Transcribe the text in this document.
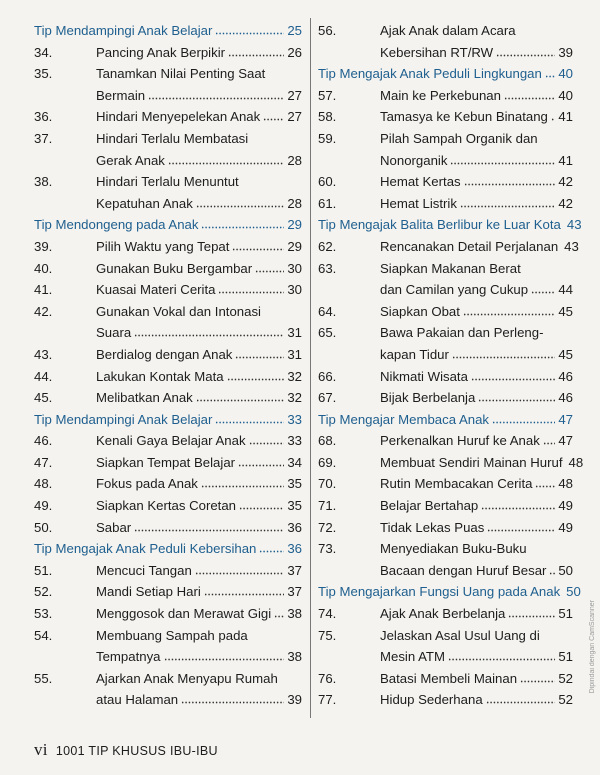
Tip Mendampingi Anak Belajar	25
34.	Pancing Anak Berpikir	26
35.	Tanamkan Nilai Penting Saat
Bermain	27
36.	Hindari Menyepelekan Anak 27
37.	Hindari Terlalu Membatasi
Gerak Anak	28
38.	Hindari Terlalu Menuntut
Kepatuhan Anak	28
Tip Mendongeng pada Anak	29
39.	Pilih Waktu yang Tepat	29
40.	Gunakan Buku Bergambar	30
41.	Kuasai Materi Cerita	30
42.	Gunakan Vokal dan Intonasi
Suara	31
43.	Berdialog dengan Anak	31
44.	Lakukan Kontak Mata	32
45.	Melibatkan Anak	32
Tip Mendampingi Anak Belajar	33
46.	Kenali Gaya Belajar Anak	33
47.	Siapkan Tempat Belajar	34
48.	Fokus pada Anak	35
49.	Siapkan Kertas Coretan	35
50.	Sabar	36
Tip Mengajak Anak Peduli Kebersihan 36
51.	Mencuci Tangan	37
52.	Mandi Setiap Hari	37
53.	Menggosok dan Merawat Gigi 38
54.	Membuang Sampah pada
Tempatnya	38
55.	Ajarkan Anak Menyapu Rumah
atau Halaman	39
56.	Ajak Anak dalam Acara
Kebersihan RT/RW	39
Tip Mengajak Anak Peduli Lingkungan 40
57.	Main ke Perkebunan	40
58.	Tamasya ke Kebun Binatang 41
59.	Pilah Sampah Organik dan
Nonorganik	41
60.	Hemat Kertas	42
61.	Hemat Listrik	42
Tip Mengajak Balita Berlibur ke Luar Kota 43
62.	Rencanakan Detail Perjalanan 43
63.	Siapkan Makanan Berat
dan Camilan yang Cukup 44
64.	Siapkan Obat	45
65.	Bawa Pakaian dan Perleng-
kapan Tidur	45
66.	Nikmati Wisata	46
67.	Bijak Berbelanja	46
Tip Mengajar Membaca Anak	47
68.	Perkenalkan Huruf ke Anak 47
69.	Membuat Sendiri Mainan Huruf 48
70.	Rutin Membacakan Cerita 48
71.	Belajar Bertahap	49
72.	Tidak Lekas Puas	49
73.	Menyediakan Buku-Buku
Bacaan dengan Huruf Besar 50
Tip Mengajarkan Fungsi Uang pada Anak 50
74.	Ajak Anak Berbelanja	51
75.	Jelaskan Asal Usul Uang di
Mesin ATM	51
76.	Batasi Membeli Mainan	52
77.	Hidup Sederhana	52
vi 1001 TIP KHUSUS IBU-IBU
Dipindai dengan CamScanner
